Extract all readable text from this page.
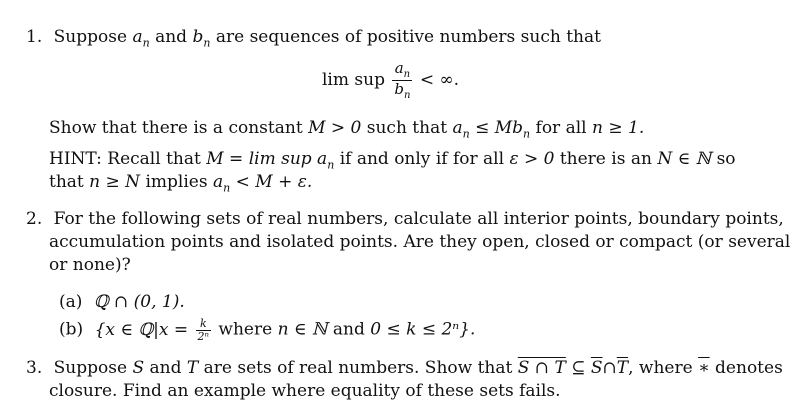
1. Suppose $a_n$ and $b_n$ are sequences of positive numbers such that
lim sup $\frac{a_n}{b_n}$ < ∞.
Show that there is a constant M > 0 such that $a_n \le Mb_n$ for all n ≥ 1.
HINT: Recall that M = lim sup $a_n$ if and only if for all ε > 0 there is an N ∈ ℕ so
that n ≥ N implies $a_n < M + \varepsilon$.
2. For the following sets of real numbers, calculate all interior points, boundary points,
accumulation points and isolated points. Are they open, closed or compact (or several
or none)?
(a) ℚ ∩ (0, 1).
(b) {x ∈ ℚ|x = $\frac{k}{\text{2ⁿ}}$ where n ∈ ℕ and 0 ≤ k ≤ 2ⁿ}.
3. Suppose S and T are sets of real numbers. Show that S ∩ T ⊆ $\overline{S}\cap\overline{T}$, where ∗ denotes
closure. Find an example where equality of these sets fails.
